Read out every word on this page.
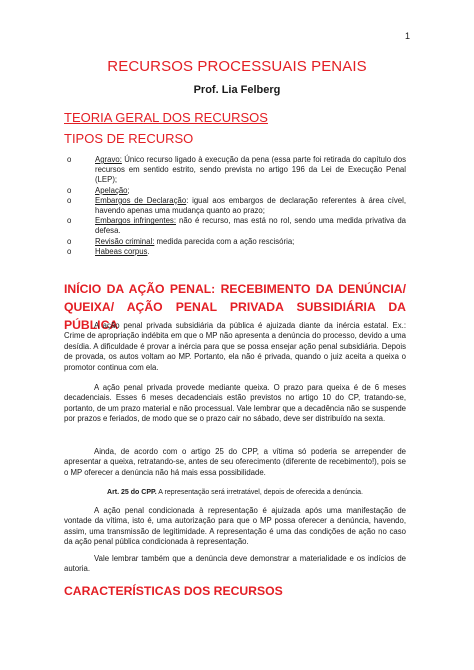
1
RECURSOS PROCESSUAIS PENAIS
Prof. Lia Felberg
TEORIA GERAL DOS RECURSOS
TIPOS DE RECURSO
o	Agravo: Único recurso ligado à execução da pena (essa parte foi retirada do capítulo dos recursos em sentido estrito, sendo prevista no artigo 196 da Lei de Execução Penal (LEP);
o	Apelação;
o	Embargos de Declaração: igual aos embargos de declaração referentes à área cível, havendo apenas uma mudança quanto ao prazo;
o	Embargos infringentes: não é recurso, mas está no rol, sendo uma medida privativa da defesa.
o	Revisão criminal: medida parecida com a ação rescisória;
o	Habeas corpus.
INÍCIO DA AÇÃO PENAL: RECEBIMENTO DA DENÚNCIA/ QUEIXA/ AÇÃO PENAL PRIVADA SUBSIDIÁRIA DA PÚBLICA

A ação penal privada subsidiária da pública é ajuizada diante da inércia estatal. Ex.: Crime de apropriação indébita em que o MP não apresenta a denúncia do processo, devido a uma desídia. A dificuldade é provar a inércia para que se possa ensejar ação penal subsidiária. Depois de provada, os autos voltam ao MP. Portanto, ela não é privada, quando o juiz aceita a queixa o promotor continua com ela.

A ação penal privada provede mediante queixa. O prazo para queixa é de 6 meses decadenciais. Esses 6 meses decadenciais estão previstos no artigo 10 do CP, tratando-se, portanto, de um prazo material e não processual. Vale lembrar que a decadência não se suspende por prazos e feriados, de modo que se o prazo cair no sábado, deve ser distribuído na sexta.

Ainda, de acordo com o artigo 25 do CPP, a vítima só poderia se arrepender de apresentar a queixa, retratando-se, antes de seu oferecimento (diferente de recebimento!), pois se o MP oferecer a denúncia não há mais essa possibilidade.

Art. 25 do CPP. A representação será irretratável, depois de oferecida a denúncia.

A ação penal condicionada à representação é ajuizada após uma manifestação de vontade da vítima, isto é, uma autorização para que o MP possa oferecer a denúncia, havendo, assim, uma transmissão de legitimidade. A representação é uma das condições de ação no caso da ação penal pública condicionada à representação.

Vale lembrar também que a denúncia deve demonstrar a materialidade e os indícios de autoria.

CARACTERÍSTICAS DOS RECURSOS
